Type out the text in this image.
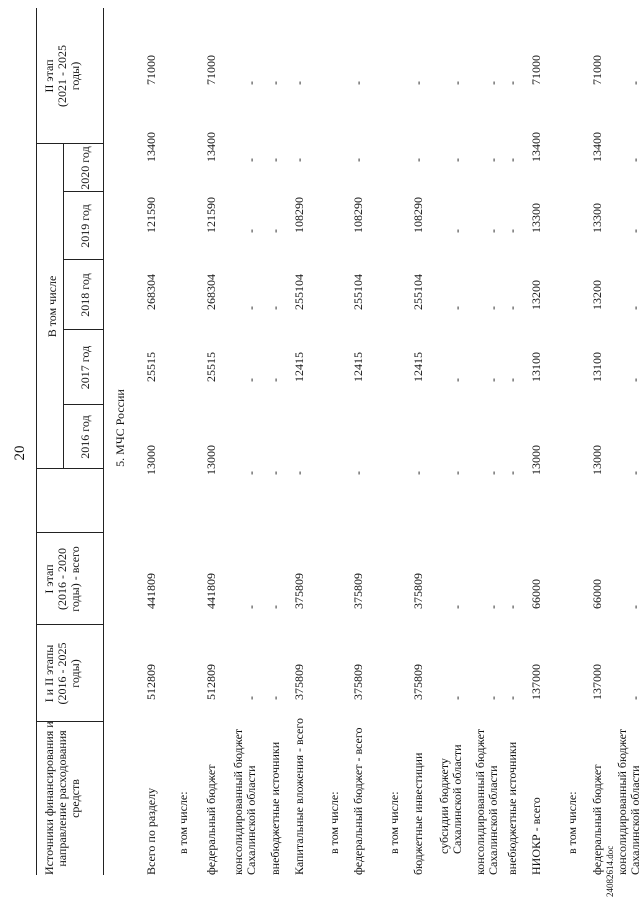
20	5. МЧС России
24082614.doc
Источники финансирования и направление расходования средств
I и II этапы (2016 - 2025 годы)
I этап (2016 - 2020 годы) - всего
В том числе
2016 год
2017 год
2018 год
2019 год
2020 год
II этап (2021 - 2025 годы)
Всего по разделу
512809
441809
13000
25515
268304
121590
13400
71000
в том числе: федеральный бюджет
512809
441809
13000
25515
268304
121590
13400
71000
консолидированный бюджет Сахалинской области
-
-
-
-
-
-
-
-
внебюджетные источники
-
-
-
-
-
-
-
-
Капитальные вложения - всего
375809
375809
-
12415
255104
108290
-
-
в том числе: федеральный бюджет - всего
375809
375809
-
12415
255104
108290
-
-
в том числе: бюджетные инвестиции
375809
375809
-
12415
255104
108290
-
-
субсидии бюджету Сахалинской области
-
-
-
-
-
-
-
-
консолидированный бюджет Сахалинской области
-
-
-
-
-
-
-
-
внебюджетные источники
-
-
-
-
-
-
-
-
НИОКР - всего
137000
66000
13000
13100
13200
13300
13400
71000
в том числе: федеральный бюджет
137000
66000
13000
13100
13200
13300
13400
71000
консолидированный бюджет Сахалинской области
-
-
-
-
-
-
-
-
